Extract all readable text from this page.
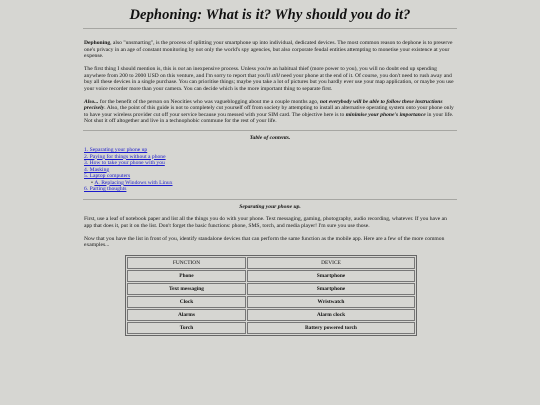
Dephoning: What is it? Why should you do it?

Dephoning, also "unsmarting", is the process of splitting your smartphone up into individual, dedicated devices. The most common reason to dephone is to preserve one's privacy in an age of constant monitoring by not only the world's spy agencies, but also corporate feudal entities attempting to monetise your existence at your expense.

The first thing I should mention is, this is not an inexpensive process. Unless you're an habitual thief (more power to you), you will no doubt end up spending anywhere from 200 to 2000 USD on this venture, and I'm sorry to report that you'll still need your phone at the end of it. Of course, you don't need to rush away and buy all these devices in a single purchase. You can prioritise things; maybe you take a lot of pictures but you hardly ever use your map application, or maybe you use your voice recorder more than your camera. You can decide which is the more important thing to separate first.

Also... for the benefit of the person on Neocities who was vagueblogging about me a couple months ago, not everybody will be able to follow these instructions precisely. Also, the point of this guide is not to completely cut yourself off from society by attempting to install an alternative operating system onto your phone only to have your wireless provider cut off your service because you messed with your SIM card. The objective here is to minimise your phone's importance in your life. Not shut it off altogether and live in a technophobic commune for the rest of your life.

Table of contents.
1. Separating your phone up
2. Paying for things without a phone
3. How to take your phone with you
4. Masking
5. Laptop computers
• A. Replacing Windows with Linux
6. Parting thoughts
Separating your phone up.

First, use a leaf of notebook paper and list all the things you do with your phone. Text messaging, gaming, photography, audio recording, whatever. If you have an app that does it, put it on the list. Don't forget the basic functions: phone, SMS, torch, and media player! I'm sure you use those.

Now that you have the list in front of you, identify standalone devices that can perform the same function as the mobile app. Here are a few of the more common examples...

FUNCTION	DEVICE
Phone	Smartphone
Text messaging	Smartphone
Clock	Wristwatch
Alarms	Alarm clock
Torch	Battery powered torch
